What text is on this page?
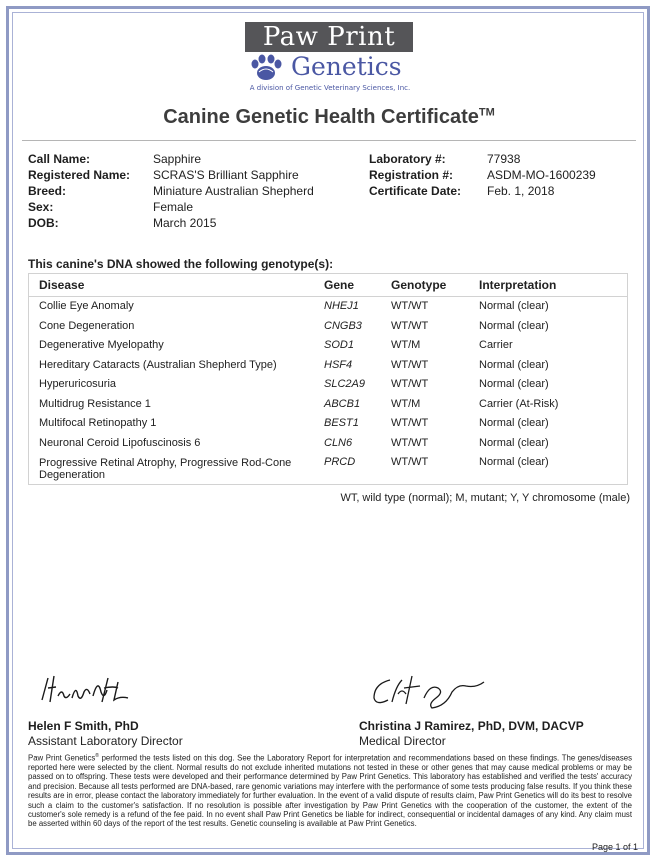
Paw Print
Genetics
A division of Genetic Veterinary Sciences, Inc.
Canine Genetic Health Certificate™
Call Name:	Sapphire
Registered Name: SCRAS'S Brilliant Sapphire
Breed:	Miniature Australian Shepherd
Sex:	Female
DOB:	March 2015
Laboratory #:	77938
Registration #:	ASDM-MO-1600239
Certificate Date: Feb. 1, 2018
This canine's DNA showed the following genotype(s):
Disease	Gene	Genotype	Interpretation
Collie Eye Anomaly	NHEJ1	WT/WT	Normal (clear)
Cone Degeneration	CNGB3	WT/WT	Normal (clear)
Degenerative Myelopathy	SOD1	WT/M	Carrier
Hereditary Cataracts (Australian Shepherd Type)	HSF4	WT/WT	Normal (clear)
Hyperuricosuria	SLC2A9	WT/WT	Normal (clear)
Multidrug Resistance 1	ABCB1	WT/M	Carrier (At-Risk)
Multifocal Retinopathy 1	BEST1	WT/WT	Normal (clear)
Neuronal Ceroid Lipofuscinosis 6	CLN6	WT/WT	Normal (clear)
Progressive Retinal Atrophy, Progressive Rod-Cone Degeneration	PRCD	WT/WT	Normal (clear)
WT, wild type (normal); M, mutant; Y, Y chromosome (male)
Helen F Smith, PhD
Assistant Laboratory Director
Christina J Ramirez, PhD, DVM, DACVP
Medical Director
Paw Print Genetics® performed the tests listed on this dog. See the Laboratory Report for interpretation and recommendations based on these findings. The genes/diseases reported here were selected by the client. Normal results do not exclude inherited mutations not tested in these or other genes that may cause medical problems or may be passed on to offspring. These tests were developed and their performance determined by Paw Print Genetics. This laboratory has established and verified the tests' accuracy and precision. Because all tests performed are DNA-based, rare genomic variations may interfere with the performance of some tests producing false results. If you think these results are in error, please contact the laboratory immediately for further evaluation. In the event of a valid dispute of results claim, Paw Print Genetics will do its best to resolve such a claim to the customer's satisfaction. If no resolution is possible after investigation by Paw Print Genetics with the cooperation of the customer, the extent of the customer's sole remedy is a refund of the fee paid. In no event shall Paw Print Genetics be liable for indirect, consequential or incidental damages of any kind. Any claim must be asserted within 60 days of the report of the test results. Genetic counseling is available at Paw Print Genetics.
Page 1 of 1
